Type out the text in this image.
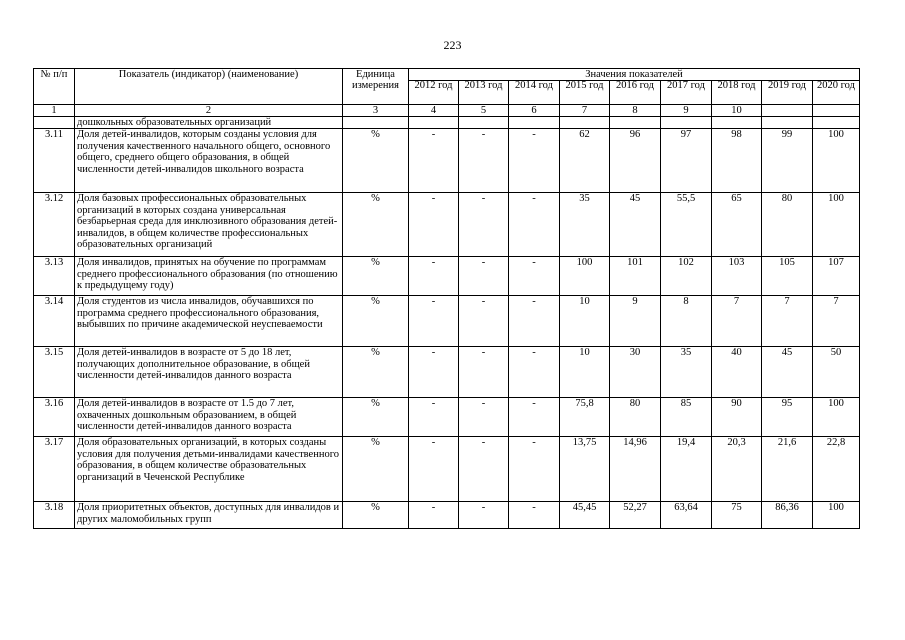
223
№ п/п	Показатель (индикатор) (наименование)	Единица измерения	Значения показателей								
			2012 год	2013 год	2014 год	2015 год	2016 год	2017 год	2018 год	2019 год	2020 год
1	2	3	4	5	6	7	8	9	10		
	дошкольных образовательных организаций										
3.11	Доля детей-инвалидов, которым созданы условия для получения качественного начального общего, основного общего, среднего общего образования, в общей численности детей-инвалидов школьного возраста	%	-	-	-	62	96	97	98	99	100
3.12	Доля базовых профессиональных образовательных организаций в которых создана универсальная безбарьерная среда для инклюзивного образования детей-инвалидов, в общем количестве профессиональных образовательных организаций	%	-	-	-	35	45	55,5	65	80	100
3.13	Доля инвалидов, принятых на обучение по программам среднего профессионального образования (по отношению к предыдущему году)	%	-	-	-	100	101	102	103	105	107
3.14	Доля студентов из числа инвалидов, обучавшихся по программа среднего профессионального образования, выбывших по причине академической неуспеваемости	%	-	-	-	10	9	8	7	7	7
3.15	Доля детей-инвалидов в возрасте от 5 до 18 лет, получающих дополнительное образование, в общей численности детей-инвалидов данного возраста	%	-	-	-	10	30	35	40	45	50
3.16	Доля детей-инвалидов в возрасте от 1.5 до 7 лет, охваченных дошкольным образованием, в общей численности детей-инвалидов данного возраста	%	-	-	-	75,8	80	85	90	95	100
3.17	Доля образовательных организаций, в которых созданы условия для получения детьми-инвалидами качественного образования, в общем количестве образовательных организаций в Чеченской Республике	%	-	-	-	13,75	14,96	19,4	20,3	21,6	22,8
3.18	Доля приоритетных объектов, доступных для инвалидов и других маломобильных групп	%	-	-	-	45,45	52,27	63,64	75	86,36	100
